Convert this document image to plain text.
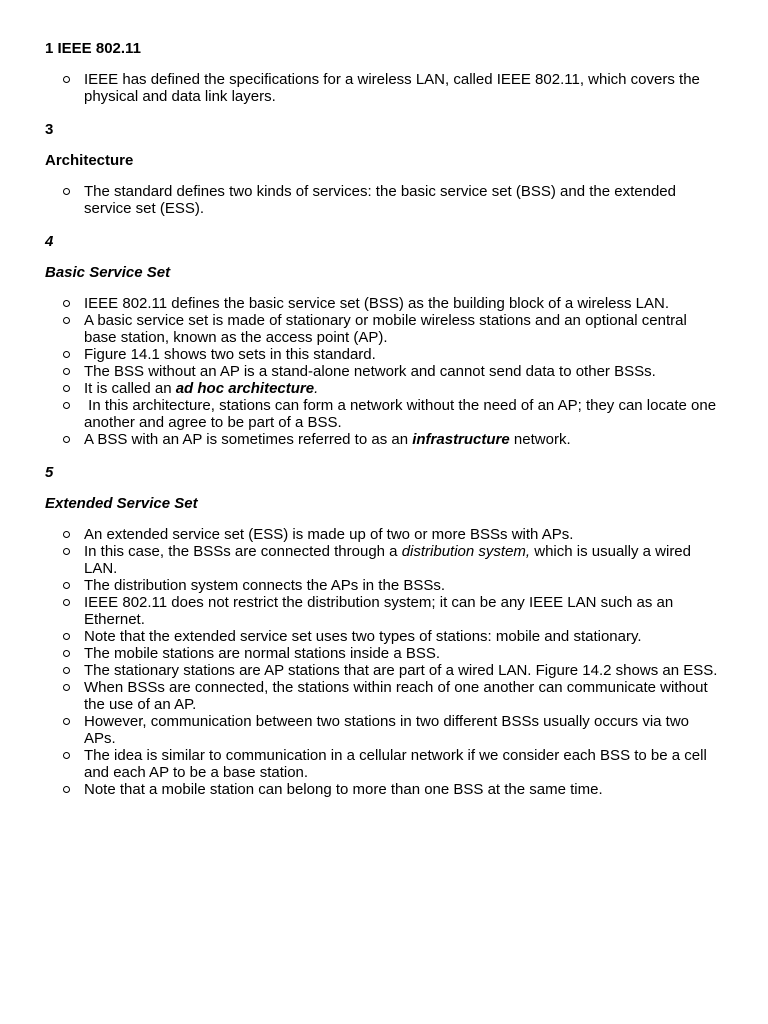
1 IEEE 802.11

IEEE has defined the specifications for a wireless LAN, called IEEE 802.11, which covers the physical and data link layers.

3

Architecture

The standard defines two kinds of services: the basic service set (BSS) and the extended service set (ESS).

4

Basic Service Set

IEEE 802.11 defines the basic service set (BSS) as the building block of a wireless LAN.
A basic service set is made of stationary or mobile wireless stations and an optional central base station, known as the access point (AP).
Figure 14.1 shows two sets in this standard.
The BSS without an AP is a stand-alone network and cannot send data to other BSSs.
It is called an ad hoc architecture.
In this architecture, stations can form a network without the need of an AP; they can locate one another and agree to be part of a BSS.
A BSS with an AP is sometimes referred to as an infrastructure network.

5

Extended Service Set

An extended service set (ESS) is made up of two or more BSSs with APs.
In this case, the BSSs are connected through a distribution system, which is usually a wired LAN.
The distribution system connects the APs in the BSSs.
IEEE 802.11 does not restrict the distribution system; it can be any IEEE LAN such as an Ethernet.
Note that the extended service set uses two types of stations: mobile and stationary.
The mobile stations are normal stations inside a BSS.
The stationary stations are AP stations that are part of a wired LAN. Figure 14.2 shows an ESS.
When BSSs are connected, the stations within reach of one another can communicate without the use of an AP.
However, communication between two stations in two different BSSs usually occurs via two APs.
The idea is similar to communication in a cellular network if we consider each BSS to be a cell and each AP to be a base station.
Note that a mobile station can belong to more than one BSS at the same time.
